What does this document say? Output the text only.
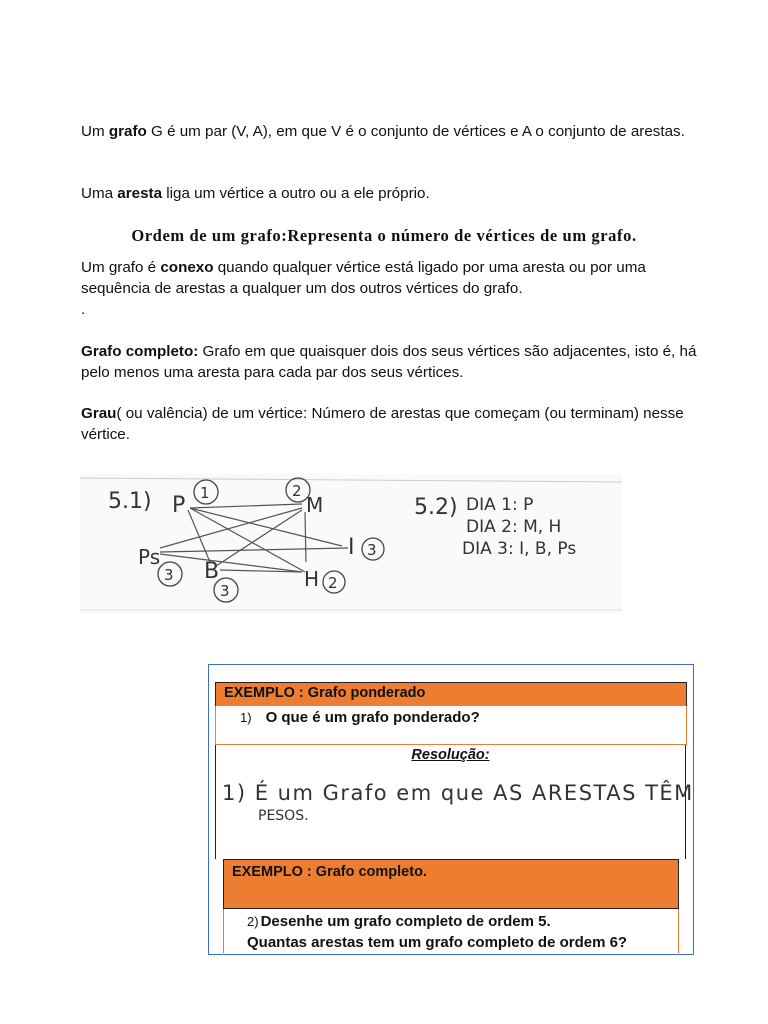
Um grafo G é um par (V, A), em que V é o conjunto de vértices e A o conjunto de arestas.
Uma aresta liga um vértice a outro ou a ele próprio.
Ordem de um grafo:Representa o número de vértices de um grafo.
Um grafo é conexo quando qualquer vértice está ligado por uma aresta ou por uma sequência de arestas a qualquer um dos outros vértices do grafo.
.
Grafo completo: Grafo em que quaisquer dois dos seus vértices são adjacentes, isto é, há pelo menos uma aresta para cada par dos seus vértices.
Grau( ou valência) de um vértice: Número de arestas que começam (ou terminam) nesse vértice.
5.1) P 1	M
2
I 3
H 2
B
3
Ps
3
5.2) DIA 1: P
DIA 2: M, H
DIA 3: I, B, Ps
EXEMPLO : Grafo ponderado
1) O que é um grafo ponderado?
Resolução:
1) É um Grafo em que AS ARESTAS TÊM
PESOS.
EXEMPLO : Grafo completo.
2) Desenhe um grafo completo de ordem 5.
Quantas arestas tem um grafo completo de ordem 6?
